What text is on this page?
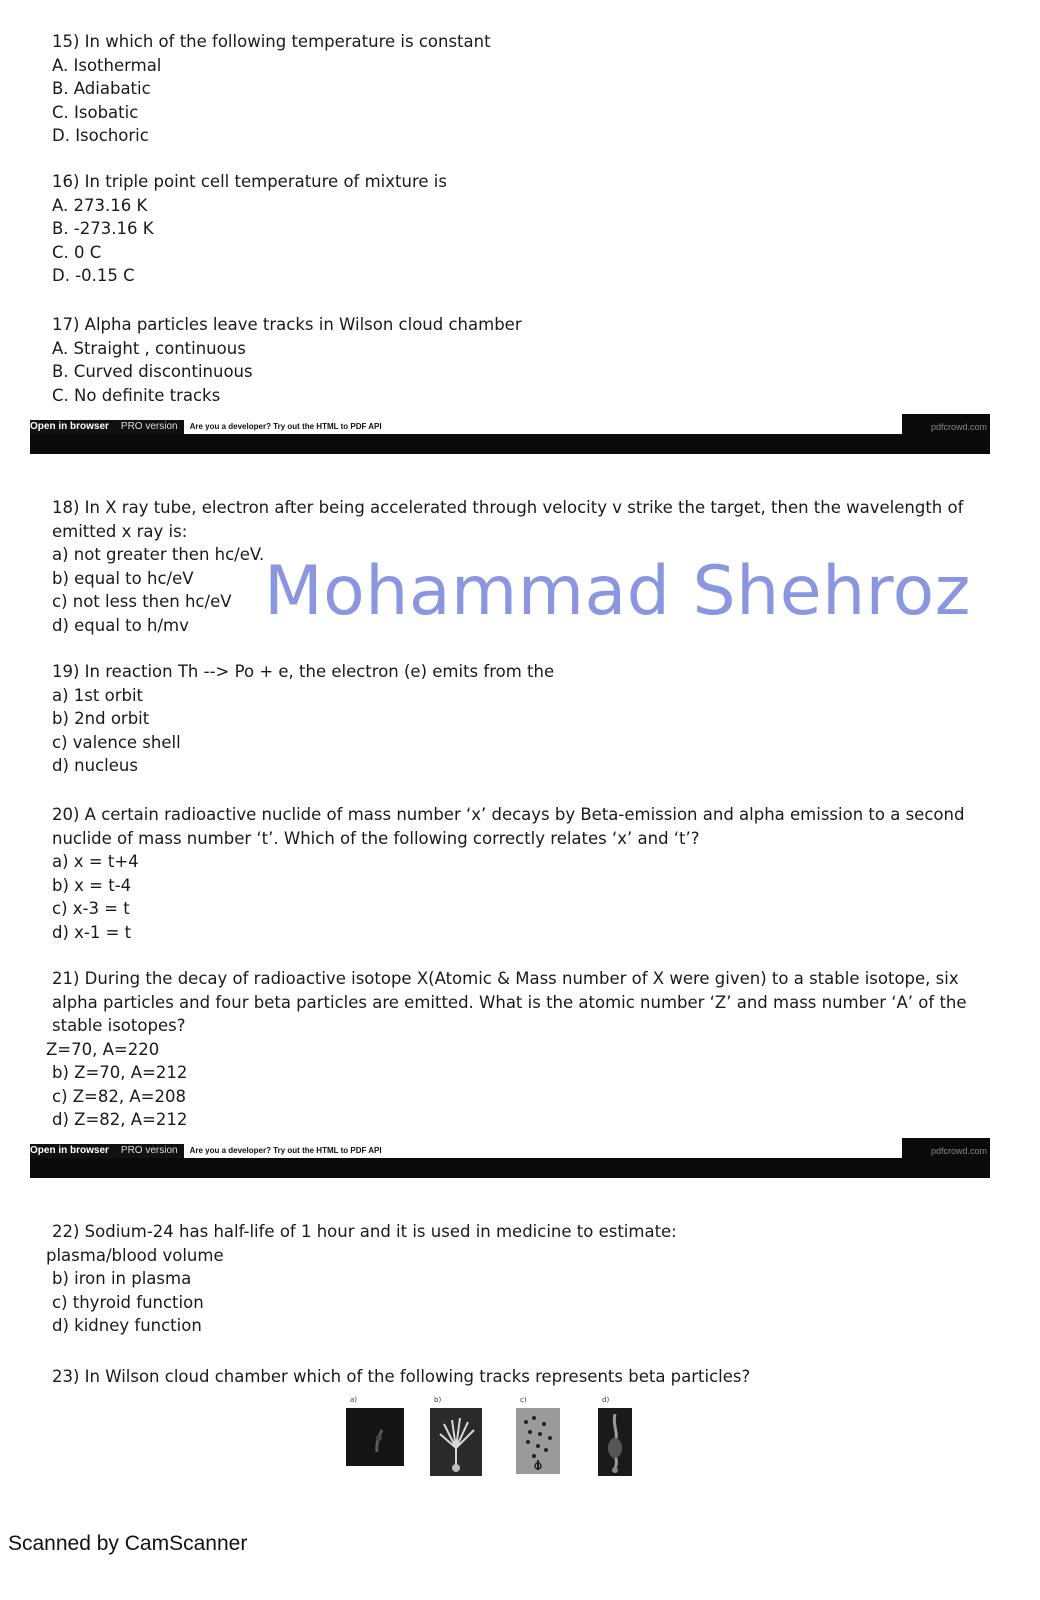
15) In which of the following temperature is constant
A. Isothermal
B. Adiabatic
C. Isobatic
D. Isochoric
16) In triple point cell temperature of mixture is
A. 273.16 K
B. -273.16 K
C. 0 C
D. -0.15 C
17) Alpha particles leave tracks in Wilson cloud chamber
A. Straight , continuous
B. Curved discontinuous
C. No definite tracks
Open in browser PRO version Are you a developer? Try out the HTML to PDF API	pdfcrowd.com
18) In X ray tube, electron after being accelerated through velocity v strike the target, then the wavelength of emitted x ray is:
a) not greater then hc/eV.
b) equal to hc/eV
c) not less then hc/eV
d) equal to h/mv	Mohammad Shehroz
19) In reaction Th --> Po + e, the electron (e) emits from the
a) 1st orbit
b) 2nd orbit
c) valence shell
d) nucleus
20) A certain radioactive nuclide of mass number ‘x’ decays by Beta-emission and alpha emission to a second nuclide of mass number ‘t’. Which of the following correctly relates ‘x’ and ‘t’?
a) x = t+4
b) x = t-4
c) x-3 = t
d) x-1 = t
21) During the decay of radioactive isotope X(Atomic & Mass number of X were given) to a stable isotope, six alpha particles and four beta particles are emitted. What is the atomic number ‘Z’ and mass number ‘A’ of the stable isotopes?
Z=70, A=220
b) Z=70, A=212
c) Z=82, A=208
d) Z=82, A=212
Open in browser PRO version Are you a developer? Try out the HTML to PDF API	pdfcrowd.com
22) Sodium-24 has half-life of 1 hour and it is used in medicine to estimate:
plasma/blood volume
b) iron in plasma
c) thyroid function
d) kidney function
23) In Wilson cloud chamber which of the following tracks represents beta particles?
a)	b)	c)	d)
Scanned by CamScanner
